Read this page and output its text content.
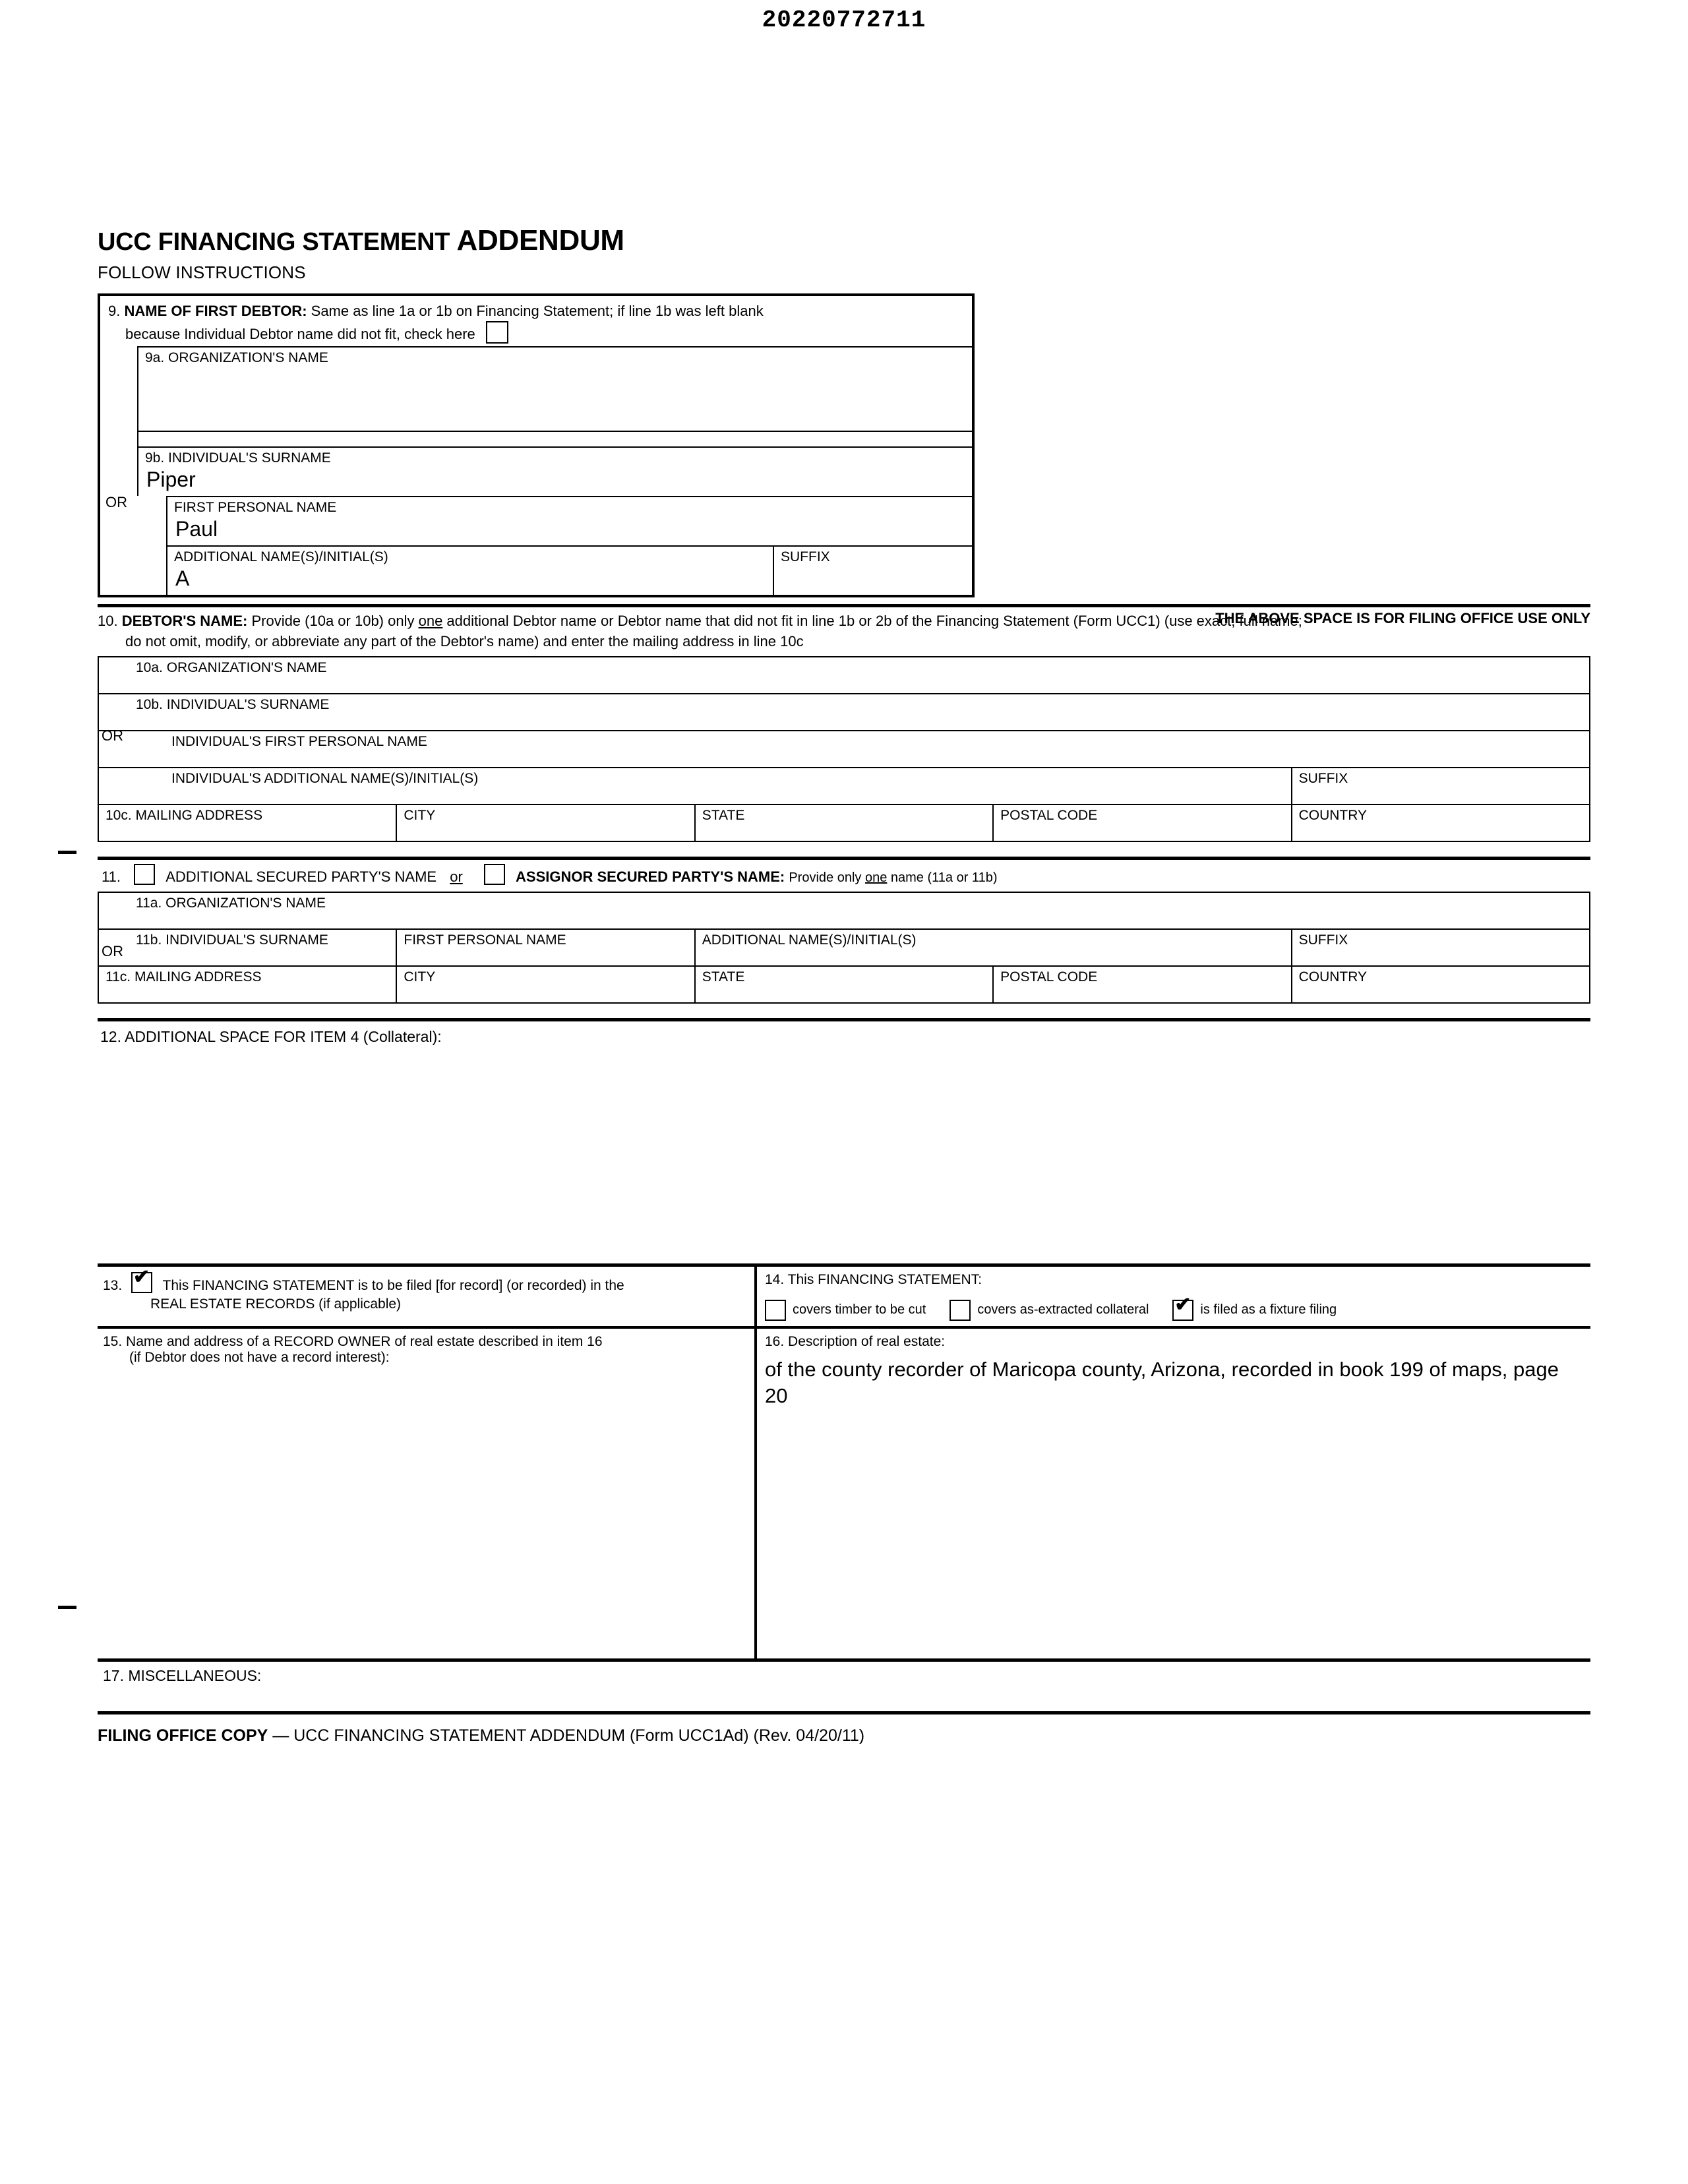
20220772711
UCC FINANCING STATEMENT ADDENDUM
FOLLOW INSTRUCTIONS
9. NAME OF FIRST DEBTOR: Same as line 1a or 1b on Financing Statement; if line 1b was left blank
because Individual Debtor name did not fit, check here
OR
9a. ORGANIZATION'S NAME
9b. INDIVIDUAL'S SURNAME
Piper
FIRST PERSONAL NAME
Paul
ADDITIONAL NAME(S)/INITIAL(S)
A
SUFFIX
THE ABOVE SPACE IS FOR FILING OFFICE USE ONLY
10. DEBTOR'S NAME: Provide (10a or 10b) only one additional Debtor name or Debtor name that did not fit in line 1b or 2b of the Financing Statement (Form UCC1) (use exact, full name;
do not omit, modify, or abbreviate any part of the Debtor's name) and enter the mailing address in line 10c
OR
10a. ORGANIZATION'S NAME				

10b. INDIVIDUAL'S SURNAME				

INDIVIDUAL'S FIRST PERSONAL NAME				

INDIVIDUAL'S ADDITIONAL NAME(S)/INITIAL(S)				SUFFIX

10c. MAILING ADDRESS	CITY	STATE	POSTAL CODE	COUNTRY
11.	ADDITIONAL SECURED PARTY'S NAME or	ASSIGNOR SECURED PARTY'S NAME: Provide only one name (11a or 11b)
OR
11a. ORGANIZATION'S NAME				

11b. INDIVIDUAL'S SURNAME	FIRST PERSONAL NAME	ADDITIONAL NAME(S)/INITIAL(S)		SUFFIX

11c. MAILING ADDRESS	CITY	STATE	POSTAL CODE	COUNTRY
12. ADDITIONAL SPACE FOR ITEM 4 (Collateral):
13. ✔	This FINANCING STATEMENT is to be filed [for record] (or recorded) in the
REAL ESTATE RECORDS (if applicable)
14. This FINANCING STATEMENT:
covers timber to be cut	covers as-extracted collateral ✔	is filed as a fixture filing
15. Name and address of a RECORD OWNER of real estate described in item 16
(if Debtor does not have a record interest):
16. Description of real estate:
of the county recorder of Maricopa county, Arizona, recorded in book 199 of maps, page 20
17. MISCELLANEOUS:
FILING OFFICE COPY — UCC FINANCING STATEMENT ADDENDUM (Form UCC1Ad) (Rev. 04/20/11)
